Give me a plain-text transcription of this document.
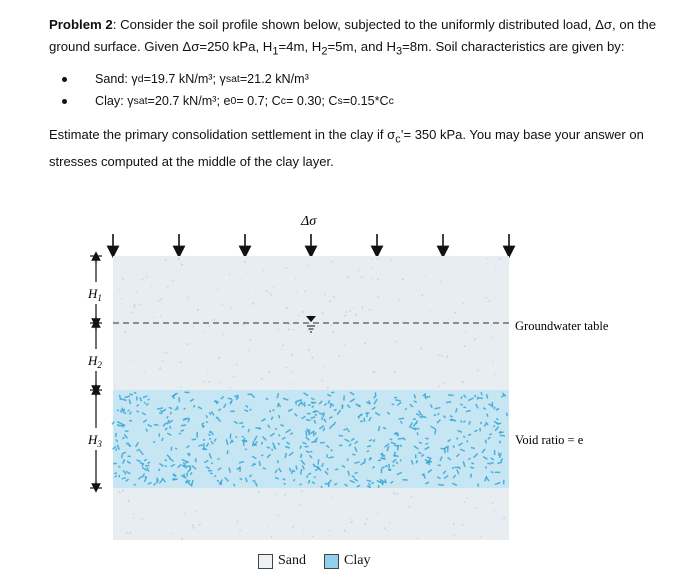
Problem 2: Consider the soil profile shown below, subjected to the uniformly distributed load, Δσ, on the ground surface. Given Δσ=250 kPa, $H_1=4m$, $H_2=5m$, and $H_3=8m$. Soil characteristics are given by:
Sand: γ d =19.7 kN/m³; γ sat =21.2 kN/m³
Clay: γ sat =20.7 kN/m³; e 0 = 0.7; C c = 0.30; C s =0.15*C c
Estimate the primary consolidation settlement in the clay if $\sigma_c’= 350$ kPa. You may base your answer on stresses computed at the middle of the clay layer.
Δσ
Groundwater table
Void ratio = e
$H_1$
$H_2$
$H_3$
Sand	Clay
